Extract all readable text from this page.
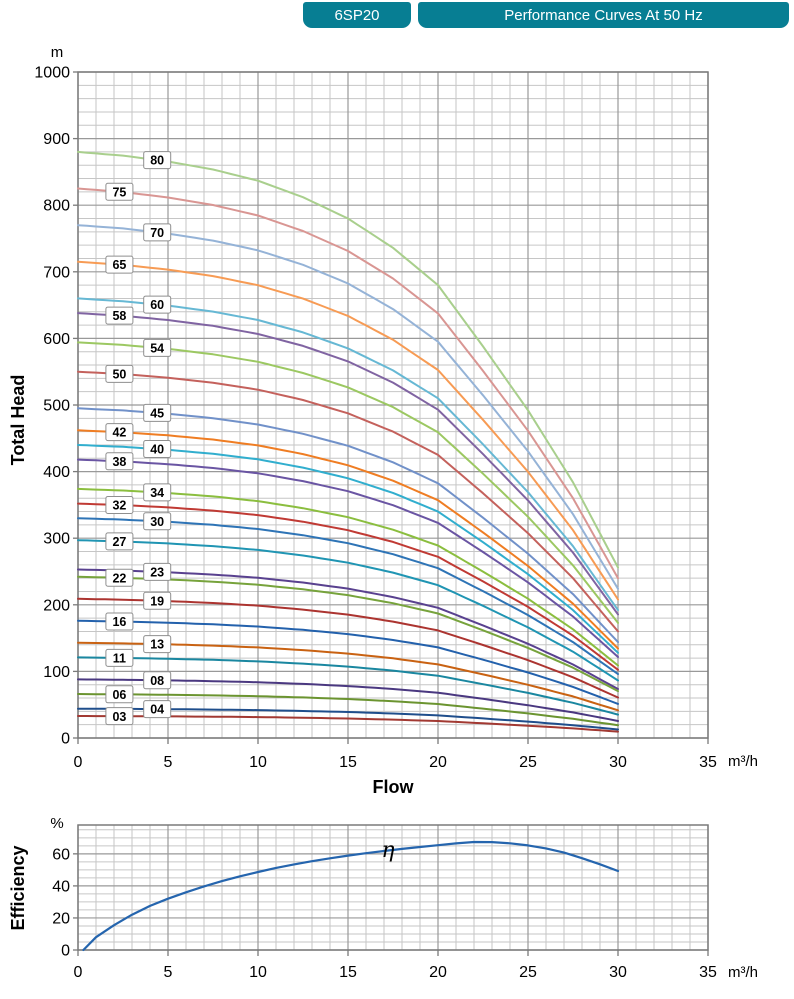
6SP20	Performance Curves At 50 Hz
80
75
70
65
60
58
54
50
45
42
40
38
34
32
30
27
23
22
19
16
13
11
08
06
04
03
0	5	10	15	20	25	30	35
0
100
200
300
400
500
600
700
800
900
1000
m
m³/h
Total Head
Flow
0	5	10	15	20	25	30	35
0
20
40
60
%
m³/h
Efficiency	η
